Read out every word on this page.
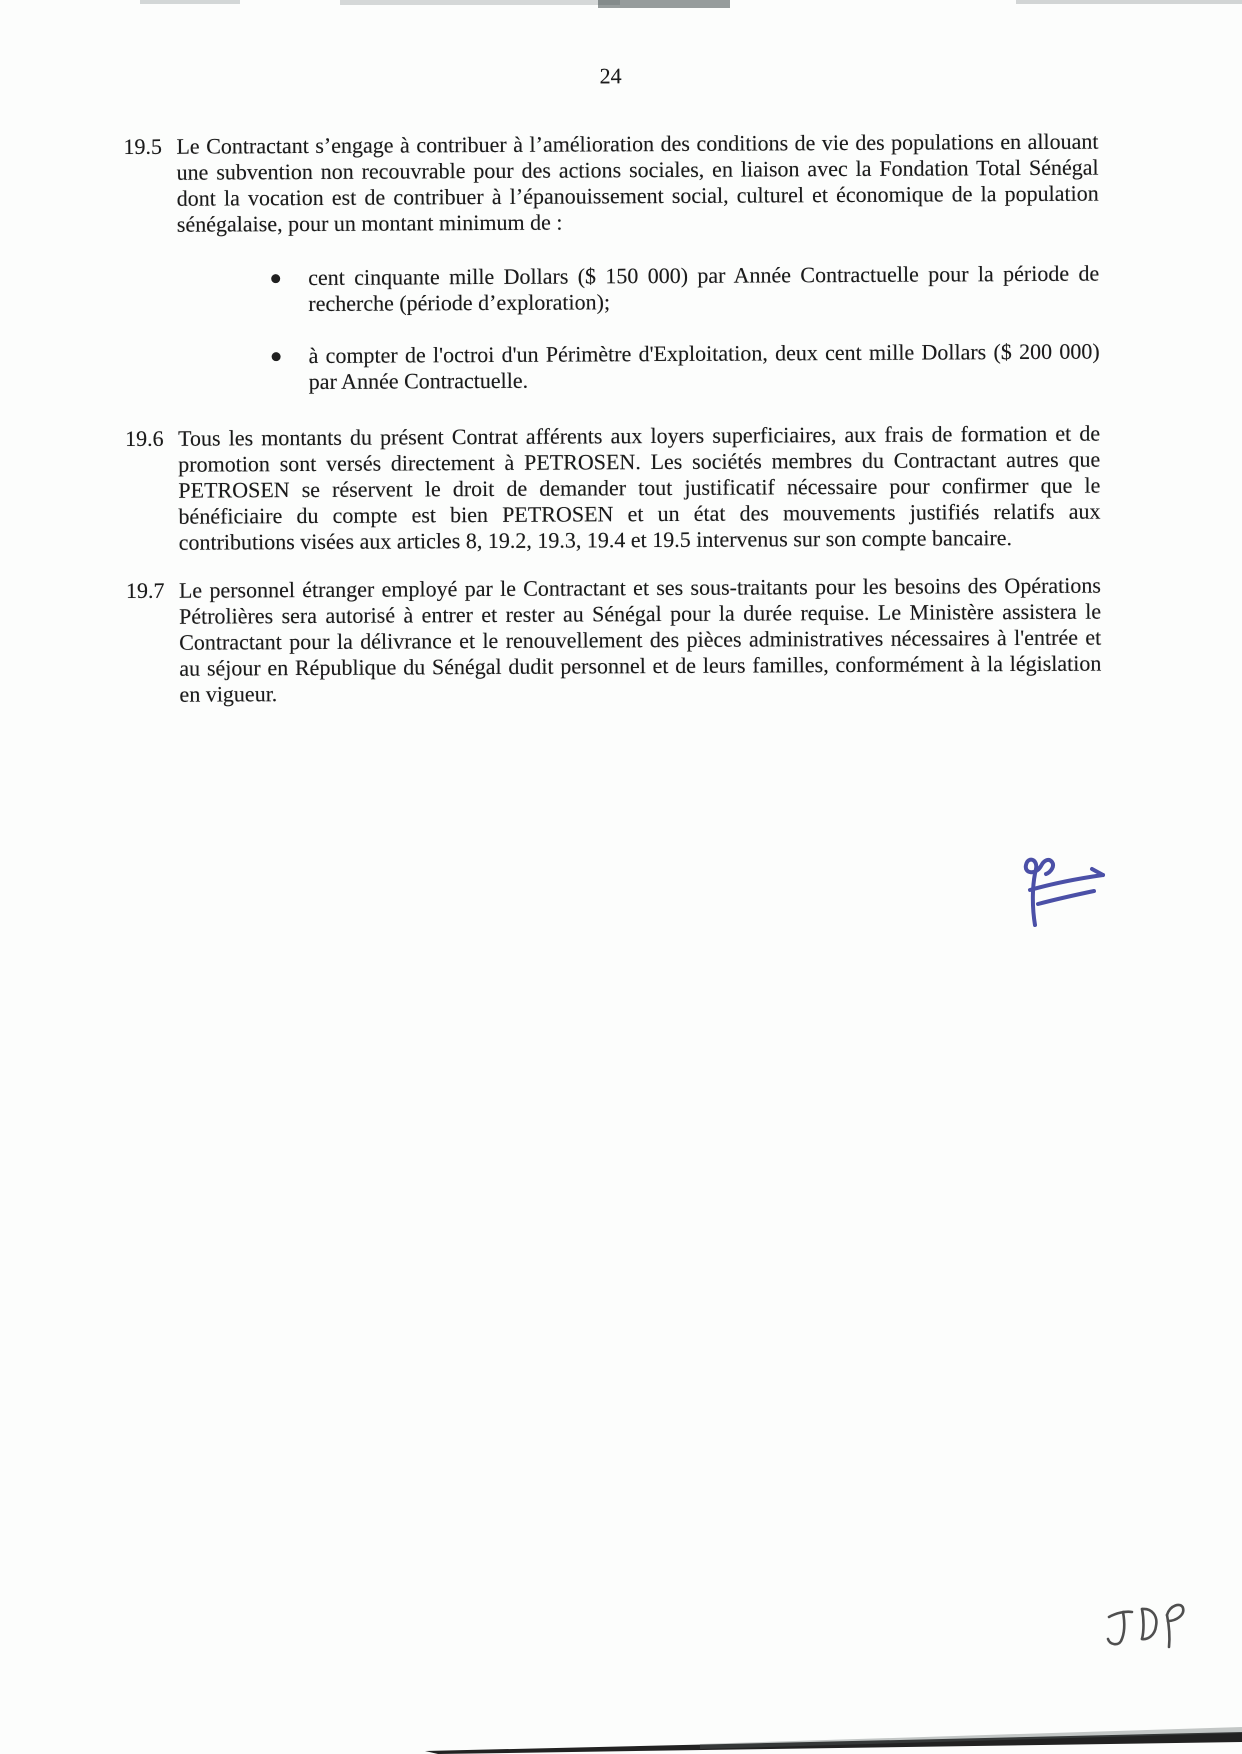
24
19.5 Le Contractant s’engage à contribuer à l’amélioration des conditions de vie des populations en allouant une subvention non recouvrable pour des actions sociales, en liaison avec la Fondation Total Sénégal dont la vocation est de contribuer à l’épanouissement social, culturel et économique de la population sénégalaise, pour un montant minimum de :

cent cinquante mille Dollars ($ 150 000) par Année Contractuelle pour la période de recherche (période d’exploration);

à compter de l'octroi d'un Périmètre d'Exploitation, deux cent mille Dollars ($ 200 000) par Année Contractuelle.

19.6 Tous les montants du présent Contrat afférents aux loyers superficiaires, aux frais de formation et de promotion sont versés directement à PETROSEN. Les sociétés membres du Contractant autres que PETROSEN se réservent le droit de demander tout justificatif nécessaire pour confirmer que le bénéficiaire du compte est bien PETROSEN et un état des mouvements justifiés relatifs aux contributions visées aux articles 8, 19.2, 19.3, 19.4 et 19.5 intervenus sur son compte bancaire.

19.7 Le personnel étranger employé par le Contractant et ses sous-traitants pour les besoins des Opérations Pétrolières sera autorisé à entrer et rester au Sénégal pour la durée requise. Le Ministère assistera le Contractant pour la délivrance et le renouvellement des pièces administratives nécessaires à l'entrée et au séjour en République du Sénégal dudit personnel et de leurs familles, conformément à la législation en vigueur.
